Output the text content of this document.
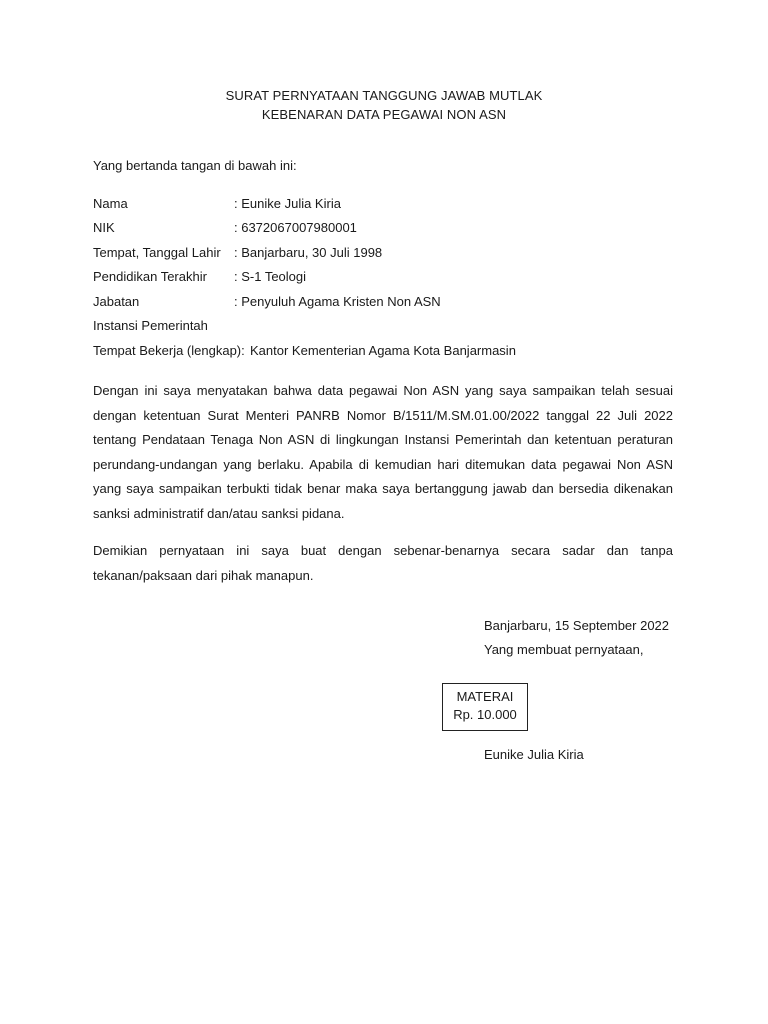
SURAT PERNYATAAN TANGGUNG JAWAB MUTLAK
KEBENARAN DATA PEGAWAI NON ASN
Yang bertanda tangan di bawah ini:
Nama	: Eunike Julia Kiria
NIK	: 6372067007980001
Tempat, Tanggal Lahir : Banjarbaru, 30 Juli 1998
Pendidikan Terakhir : S-1 Teologi
Jabatan	: Penyuluh Agama Kristen Non ASN
Instansi Pemerintah
Tempat Bekerja (lengkap): Kantor Kementerian Agama Kota Banjarmasin
Dengan ini saya menyatakan bahwa data pegawai Non ASN yang saya sampaikan telah sesuai
dengan ketentuan Surat Menteri PANRB Nomor B/1511/M.SM.01.00/2022 tanggal 22 Juli 2022
tentang Pendataan Tenaga Non ASN di lingkungan Instansi Pemerintah dan ketentuan peraturan
perundang-undangan yang berlaku. Apabila di kemudian hari ditemukan data pegawai Non ASN
yang saya sampaikan terbukti tidak benar maka saya bertanggung jawab dan bersedia dikenakan
sanksi administratif dan/atau sanksi pidana.
Demikian pernyataan ini saya buat dengan sebenar-benarnya secara sadar dan tanpa
tekanan/paksaan dari pihak manapun.
Banjarbaru, 15 September 2022
Yang membuat pernyataan,
MATERAI
Rp. 10.000
Eunike Julia Kiria
